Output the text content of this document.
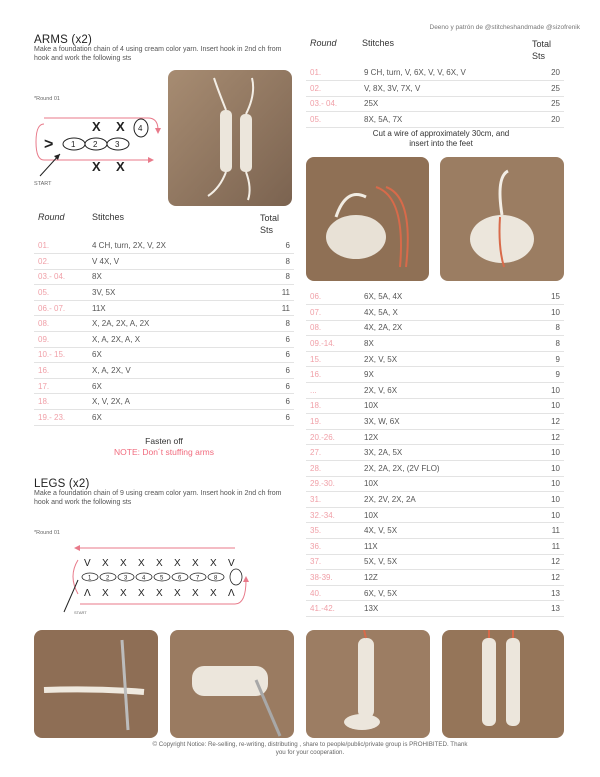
Deeno y patrón de @stitcheshandmade @sizofrenik
ARMS (x2)
Make a foundation chain of 4 using cream color yarn. Insert hook in 2nd ch from hook and work the following sts
*Round 01
> 1 2 3
4
X X
X X
START
Round	Stitches	Total Sts
01.	4 CH, turn, 2X, V, 2X	6
02.	V 4X, V	8
03.- 04.	8X	8
05.	3V, 5X	11
06.- 07.	11X	11
08.	X, 2A, 2X, A, 2X	8
09.	X, A, 2X, A, X	6
10.- 15.	6X	6
16.	X, A, 2X, V	6
17.	6X	6
18.	X, V, 2X, A	6
19.- 23.	6X	6
Fasten off
NOTE: Don´t stuffing arms
LEGS (x2)
Make a foundation chain of 9 using cream color yarn. Insert hook in 2nd ch from hook and work the following sts
*Round 01
V X X X X X X X V
1 2 3 4 5 6 7 8
Λ X X X X X X X Λ
START
Round	Stitches	Total Sts
01.	9 CH, turn, V, 6X, V, V, 6X, V	20
02.	V, 8X, 3V, 7X, V	25
03.- 04.	25X	25
05.	8X, 5A, 7X	20
Cut a wire of approximately 30cm, and insert into the feet
06.	6X, 5A, 4X	15
07.	4X, 5A, X	10
08.	4X, 2A, 2X	8
09.-14.	8X	8
15.	2X, V, 5X	9
16.	9X	9
...	2X, V, 6X	10
18.	10X	10
19.	3X, W, 6X	12
20.-26.	12X	12
27.	3X, 2A, 5X	10
28.	2X, 2A, 2X, (2V FLO)	10
29.-30.	10X	10
31.	2X, 2V, 2X, 2A	10
32.-34.	10X	10
35.	4X, V, 5X	11
36.	11X	11
37.	5X, V, 5X	12
38-39.	12Z	12
40.	6X, V, 5X	13
41.-42.	13X	13
© Copyright Notice: Re-selling, re-writing, distributing , share to people/public/private group is PROHIBITED. Thank you for your cooperation.
